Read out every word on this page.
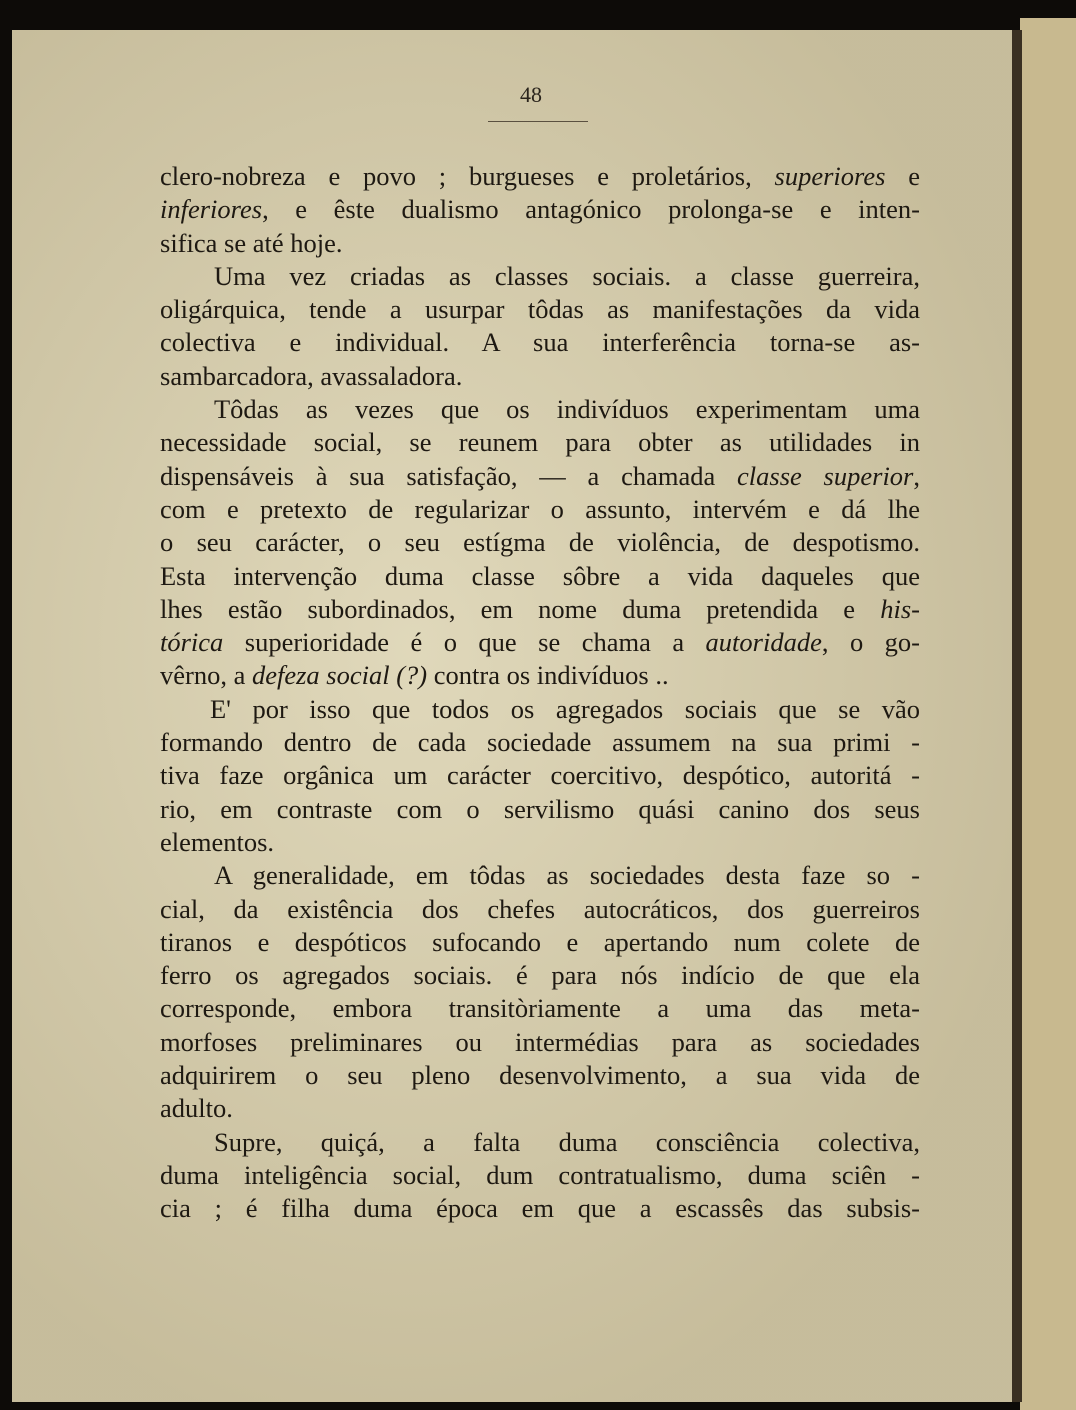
48
clero-nobreza e povo ; burgueses e proletários, superiores e
inferiores, e êste dualismo antagónico prolonga-se e inten-
sifica se até hoje.
Uma vez criadas as classes sociais. a classe guerreira,
oligárquica, tende a usurpar tôdas as manifestações da vida
colectiva e individual. A sua interferência torna-se as-
sambarcadora, avassaladora.
Tôdas as vezes que os indivíduos experimentam uma
necessidade social, se reunem para obter as utilidades in
dispensáveis à sua satisfação, — a chamada classe superior,
com e pretexto de regularizar o assunto, intervém e dá lhe
o seu carácter, o seu estígma de violência, de despotismo.
Esta intervenção duma classe sôbre a vida daqueles que
lhes estão subordinados, em nome duma pretendida e his-
tórica superioridade é o que se chama a autoridade, o go-
vêrno, a defeza social (?) contra os indivíduos ..
E' por isso que todos os agregados sociais que se vão
formando dentro de cada sociedade assumem na sua primi -
tiva faze orgânica um carácter coercitivo, despótico, autoritá -
rio, em contraste com o servilismo quási canino dos seus
elementos.
A generalidade, em tôdas as sociedades desta faze so -
cial, da existência dos chefes autocráticos, dos guerreiros
tiranos e despóticos sufocando e apertando num colete de
ferro os agregados sociais. é para nós indício de que ela
corresponde, embora transitòriamente a uma das meta-
morfoses preliminares ou intermédias para as sociedades
adquirirem o seu pleno desenvolvimento, a sua vida de
adulto.
Supre, quiçá, a falta duma consciência colectiva,
duma inteligência social, dum contratualismo, duma sciên -
cia ; é filha duma época em que a escassês das subsis-
